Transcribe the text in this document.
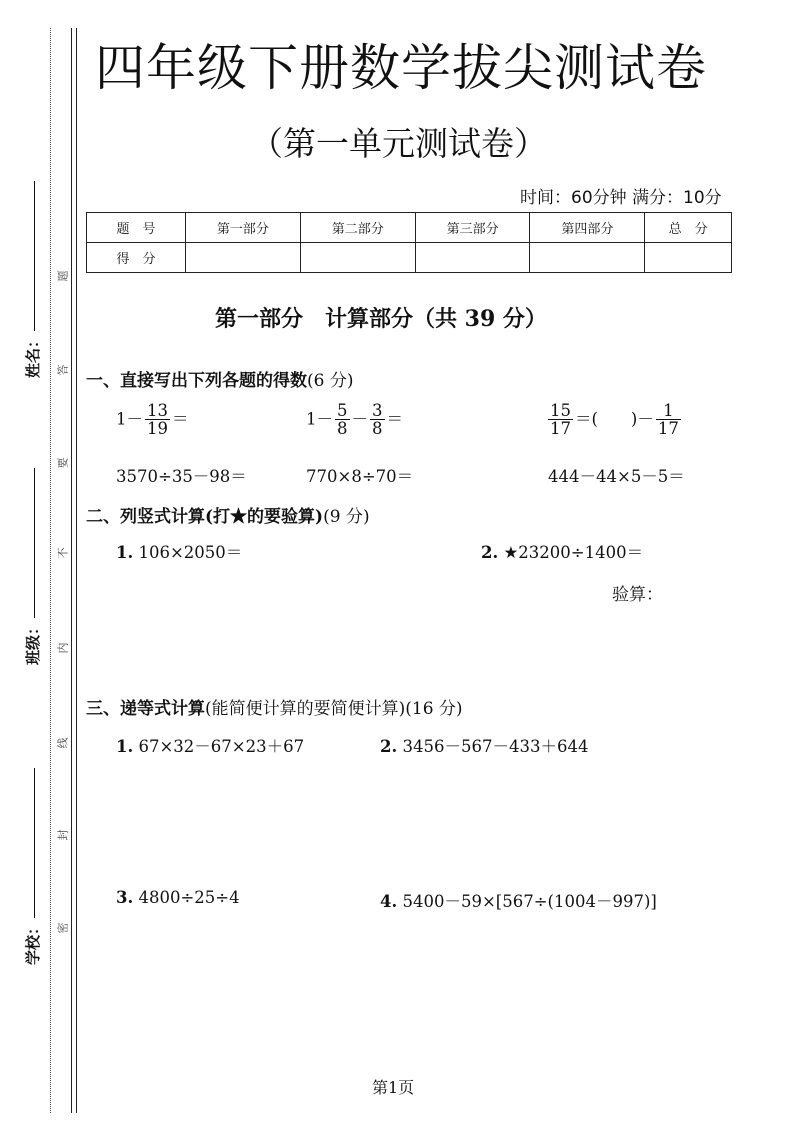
题
答
要
不
内
线
封
密
姓名：
班级：
学校：
四年级下册数学拔尖测试卷
（第一单元测试卷）
时间：60分钟 满分：10分
题　号	第一部分	第二部分	第三部分	第四部分	总　分
得　分					
第一部分　计算部分（共 39 分）
一、直接写出下列各题的得数(6 分)
$1- \frac{13}{19}$ ＝	$1- \frac{5}{8} - \frac{3}{8}$ ＝	$\frac{15}{17}$ ＝(　　)－ $\frac{1}{17}$
3570÷35－98＝	770×8÷70＝	444－44×5－5＝
二、列竖式计算(打★的要验算)(9 分)
1. 106×2050＝	2. ★23200÷1400＝
验算：
三、递等式计算(能简便计算的要简便计算)(16 分)
1. 67×32－67×23＋67	2. 3456－567－433＋644
3. 4800÷25÷4	4. 5400－59×[567÷(1004－997)]
第1页
